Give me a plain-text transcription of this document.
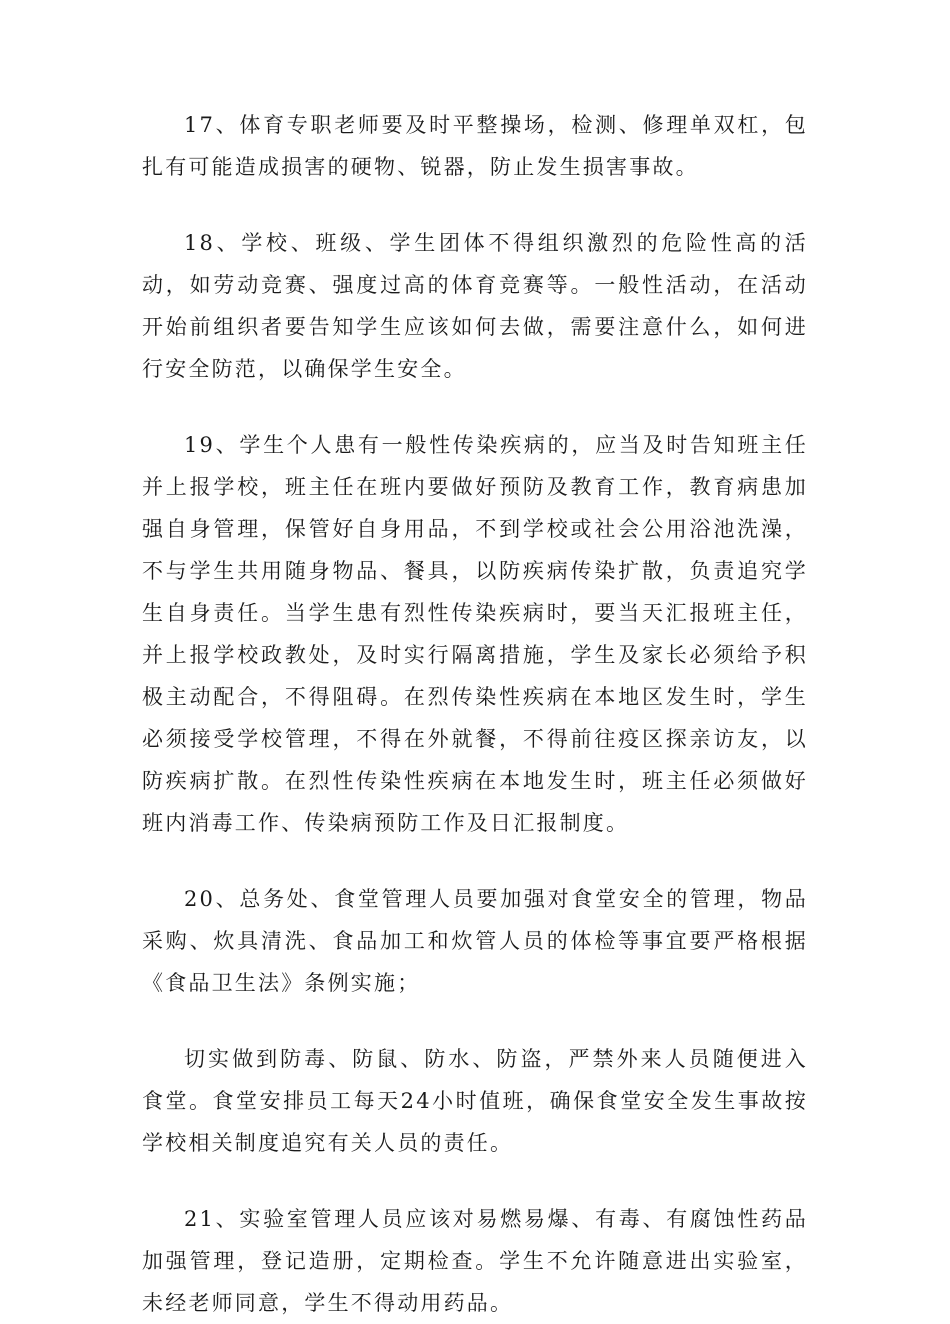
17、体育专职老师要及时平整操场，检测、修理单双杠，包扎有可能造成损害的硬物、锐器，防止发生损害事故。

18、学校、班级、学生团体不得组织激烈的危险性高的活动，如劳动竞赛、强度过高的体育竞赛等。一般性活动，在活动开始前组织者要告知学生应该如何去做，需要注意什么，如何进行安全防范，以确保学生安全。

19、学生个人患有一般性传染疾病的，应当及时告知班主任并上报学校，班主任在班内要做好预防及教育工作，教育病患加强自身管理，保管好自身用品，不到学校或社会公用浴池洗澡，不与学生共用随身物品、餐具，以防疾病传染扩散，负责追究学生自身责任。当学生患有烈性传染疾病时，要当天汇报班主任，并上报学校政教处，及时实行隔离措施，学生及家长必须给予积极主动配合，不得阻碍。在烈传染性疾病在本地区发生时，学生必须接受学校管理，不得在外就餐，不得前往疫区探亲访友，以防疾病扩散。在烈性传染性疾病在本地发生时，班主任必须做好班内消毒工作、传染病预防工作及日汇报制度。

20、总务处、食堂管理人员要加强对食堂安全的管理，物品采购、炊具清洗、食品加工和炊管人员的体检等事宜要严格根据《食品卫生法》条例实施；

切实做到防毒、防鼠、防水、防盗，严禁外来人员随便进入食堂。食堂安排员工每天24小时值班，确保食堂安全发生事故按学校相关制度追究有关人员的责任。

21、实验室管理人员应该对易燃易爆、有毒、有腐蚀性药品加强管理，登记造册，定期检查。学生不允许随意进出实验室，未经老师同意，学生不得动用药品。
